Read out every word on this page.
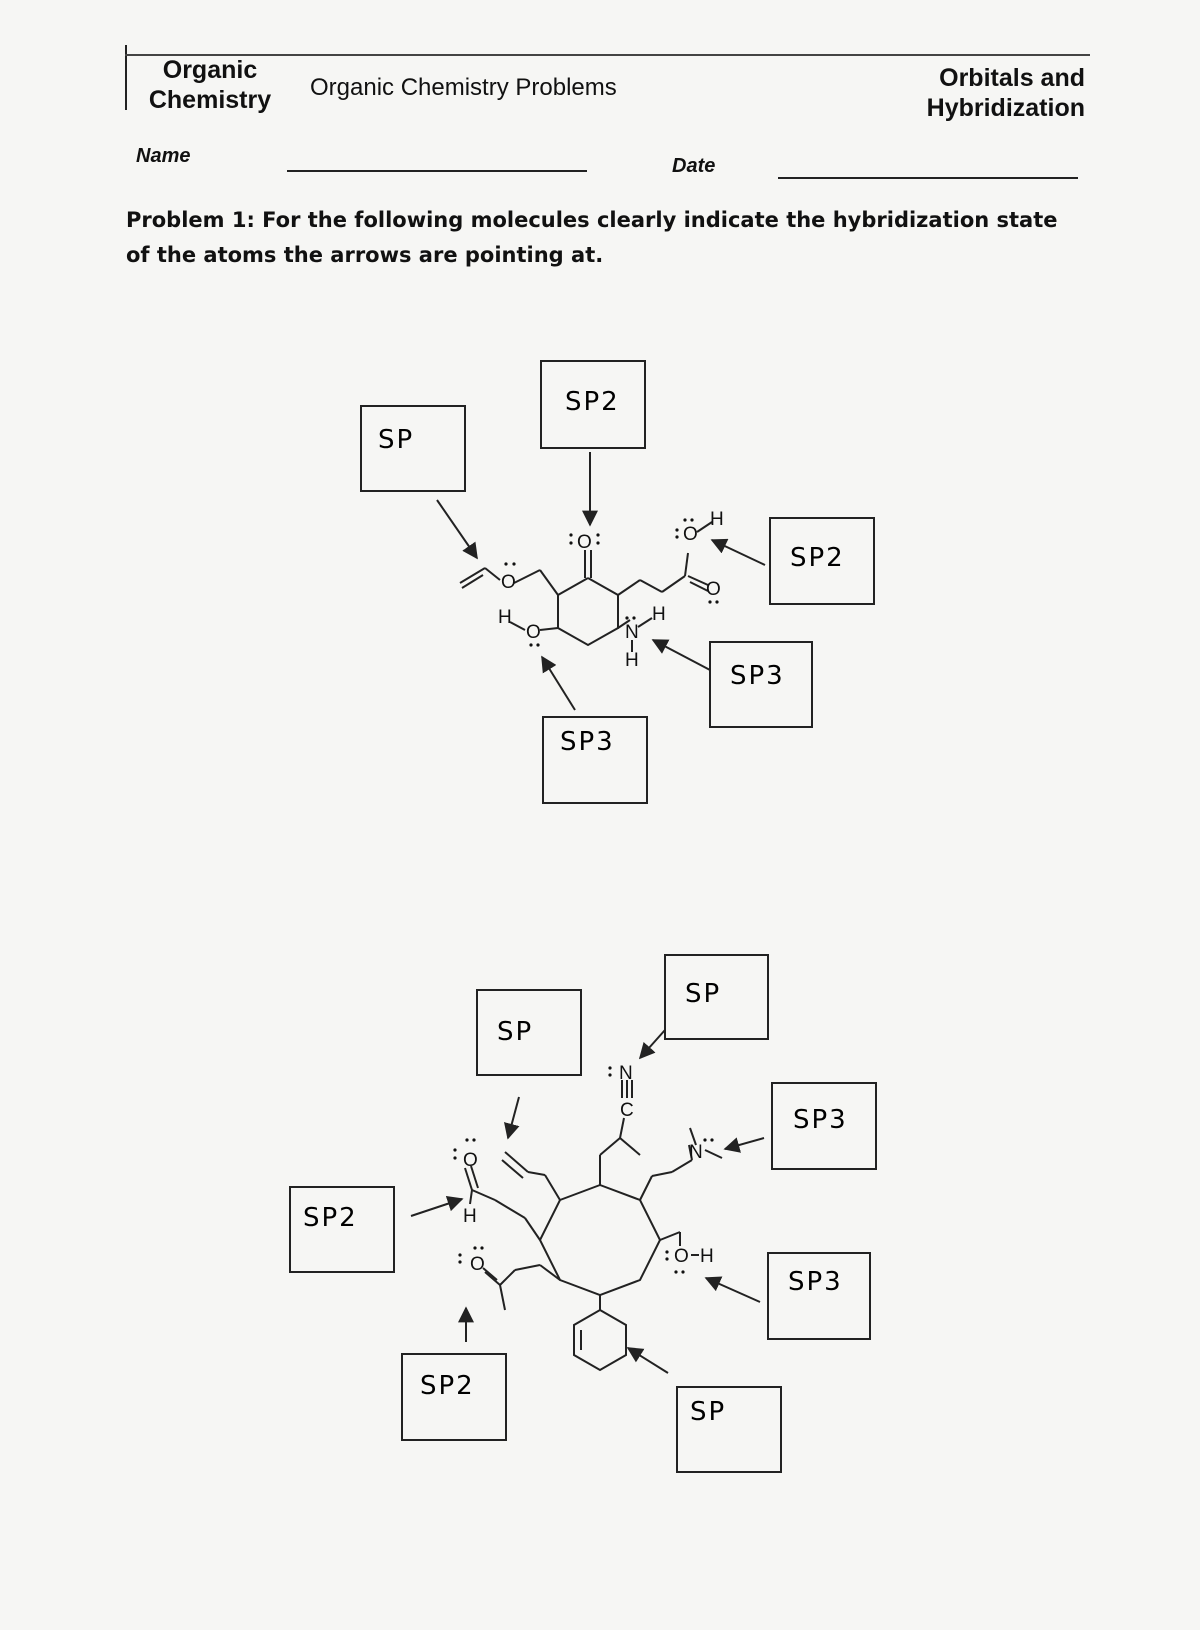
Organic Chemistry Organic Chemistry Problems	Orbitals and Hybridization
Name	Date
Problem 1: For the following molecules clearly indicate the hybridization state of the atoms the arrows are pointing at.
SP
SP2
SP2
SP3
SP3
O
O
O
H
N
H
H
O
H
O
SP
SP
SP3
SP2
SP3
SP2
SP
N
C
N
O
H
O H
O
